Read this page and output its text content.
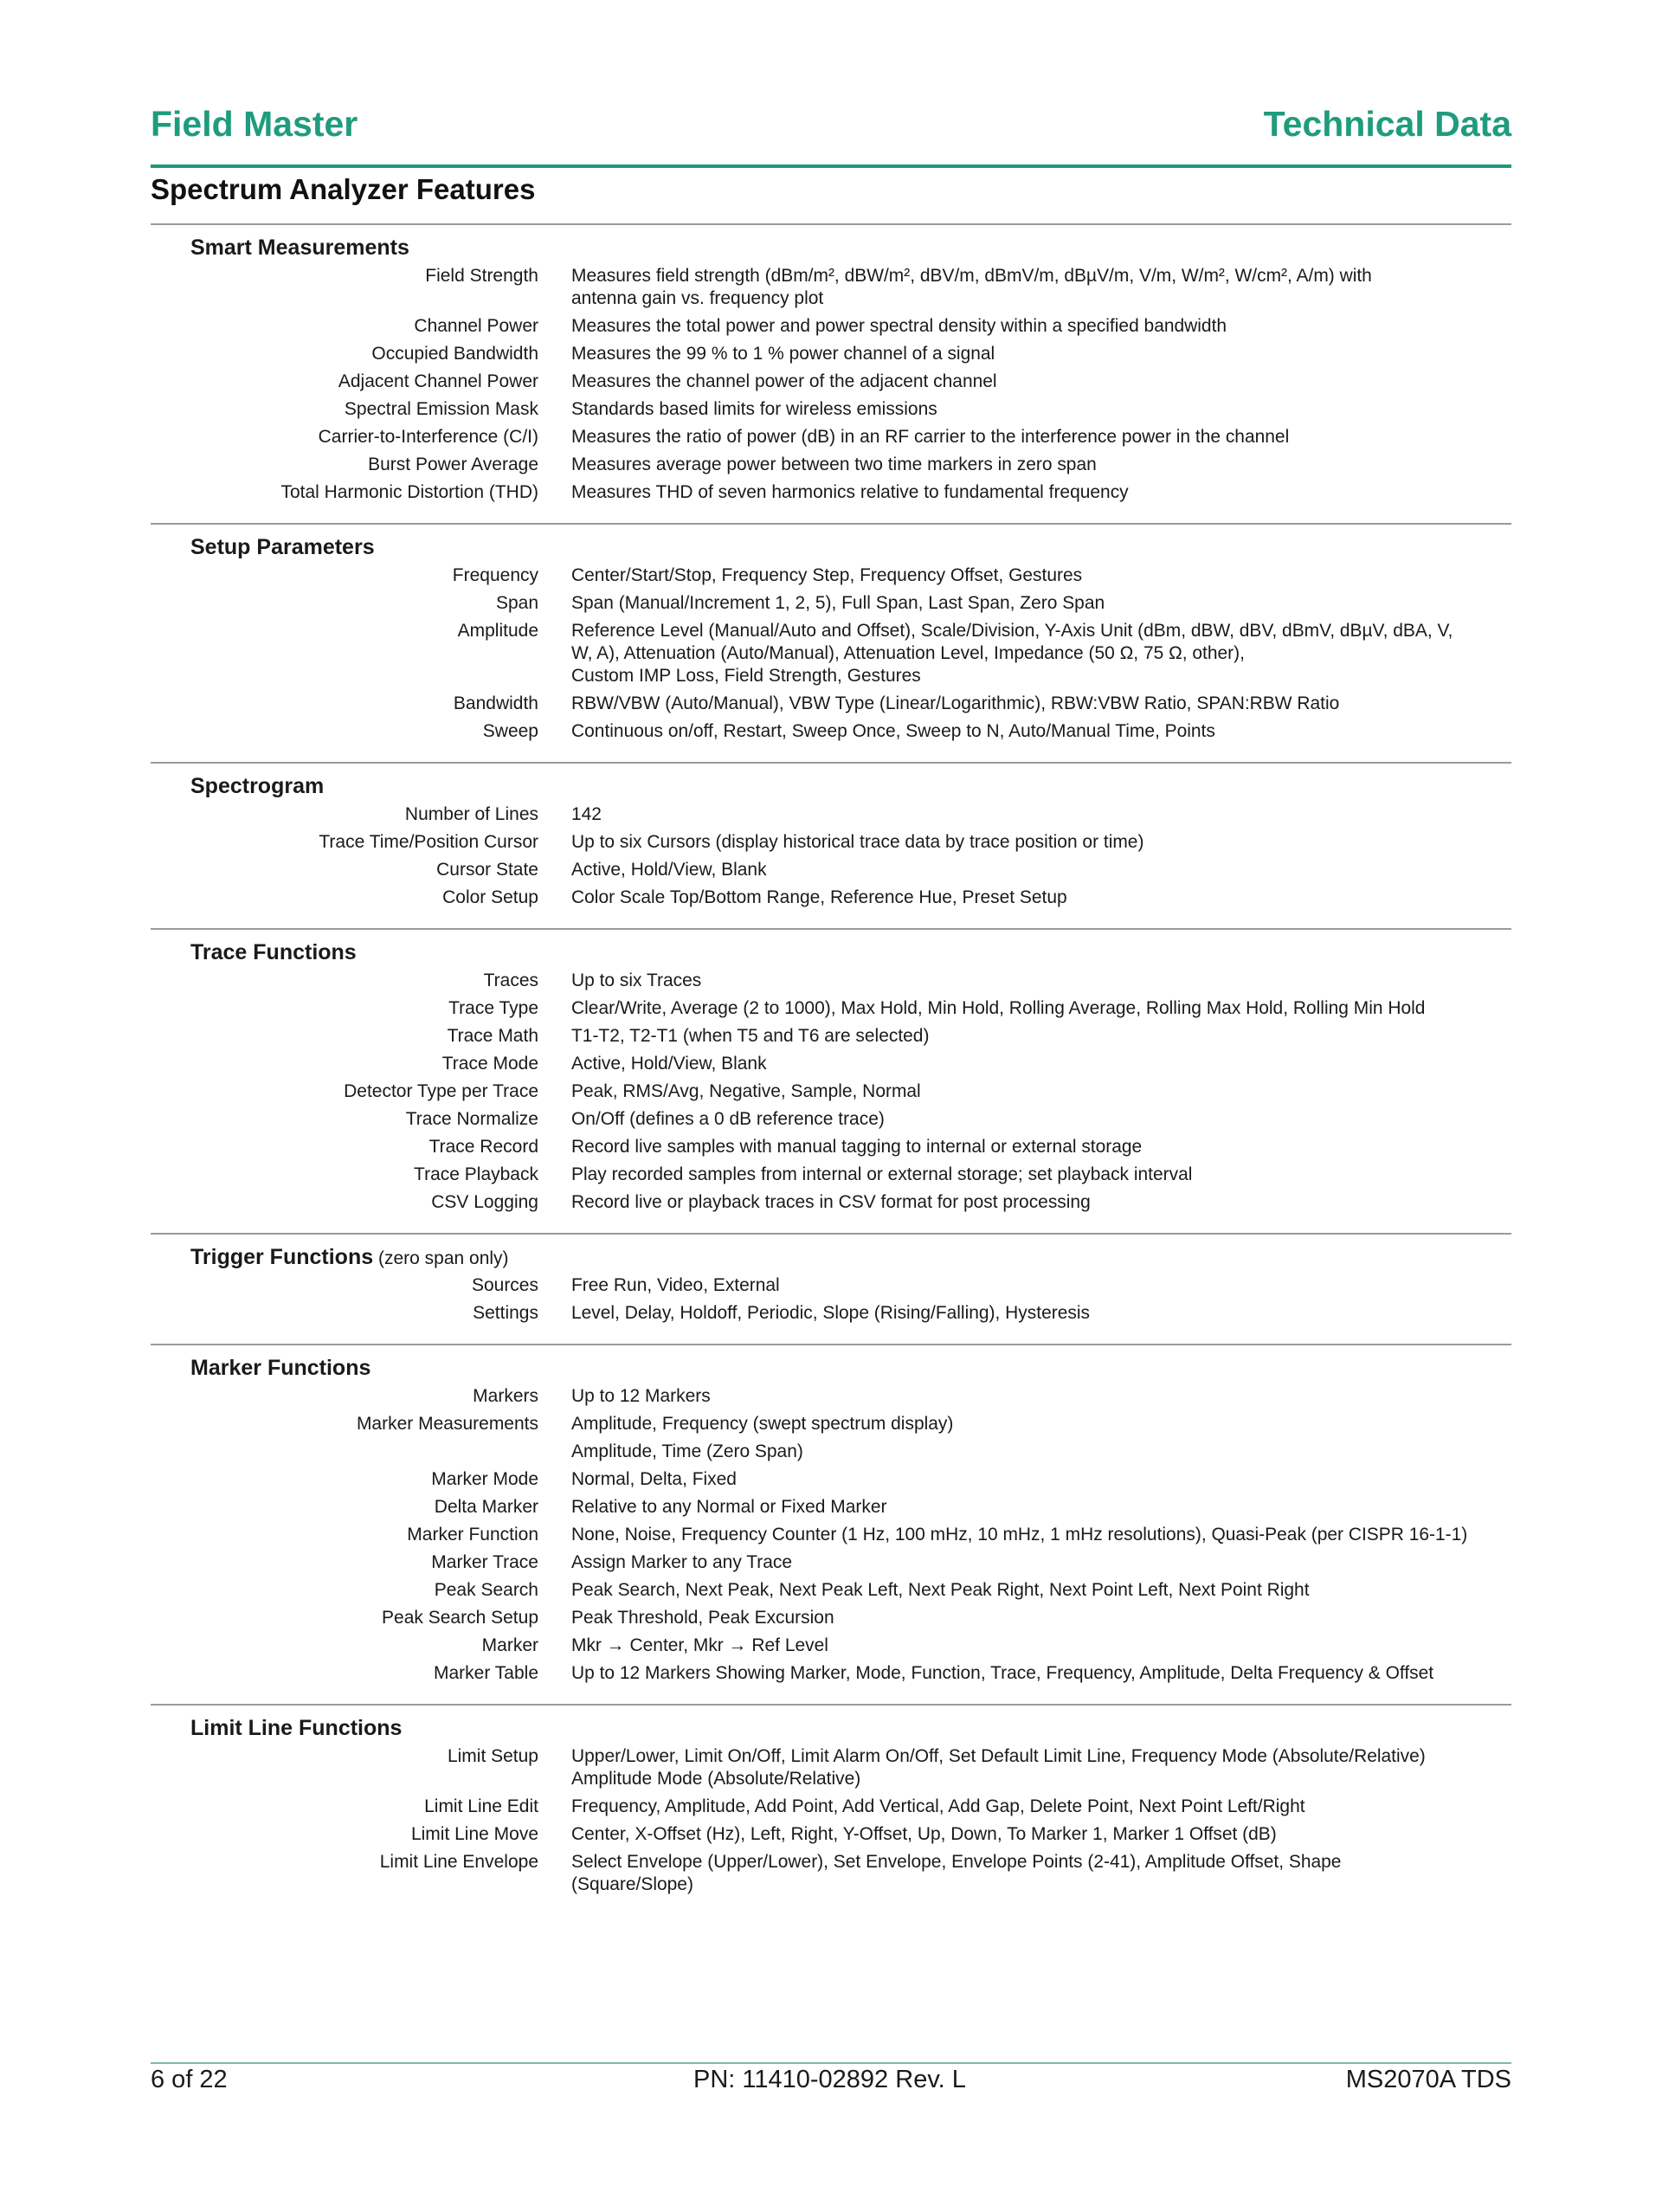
Field Master	Technical Data
Spectrum Analyzer Features
Smart Measurements
Field Strength	Measures field strength (dBm/m², dBW/m², dBV/m, dBmV/m, dBµV/m, V/m, W/m², W/cm², A/m) with
antenna gain vs. frequency plot
Channel Power	Measures the total power and power spectral density within a specified bandwidth
Occupied Bandwidth	Measures the 99 % to 1 % power channel of a signal
Adjacent Channel Power	Measures the channel power of the adjacent channel
Spectral Emission Mask	Standards based limits for wireless emissions
Carrier-to-Interference (C/I)	Measures the ratio of power (dB) in an RF carrier to the interference power in the channel
Burst Power Average	Measures average power between two time markers in zero span
Total Harmonic Distortion (THD)	Measures THD of seven harmonics relative to fundamental frequency
Setup Parameters
Frequency	Center/Start/Stop, Frequency Step, Frequency Offset, Gestures
Span	Span (Manual/Increment 1, 2, 5), Full Span, Last Span, Zero Span
Amplitude	Reference Level (Manual/Auto and Offset), Scale/Division, Y-Axis Unit (dBm, dBW, dBV, dBmV, dBµV, dBA, V,
W, A), Attenuation (Auto/Manual), Attenuation Level, Impedance (50 Ω, 75 Ω, other),
Custom IMP Loss, Field Strength, Gestures
Bandwidth	RBW/VBW (Auto/Manual), VBW Type (Linear/Logarithmic), RBW:VBW Ratio, SPAN:RBW Ratio
Sweep	Continuous on/off, Restart, Sweep Once, Sweep to N, Auto/Manual Time, Points
Spectrogram
Number of Lines	142
Trace Time/Position Cursor	Up to six Cursors (display historical trace data by trace position or time)
Cursor State	Active, Hold/View, Blank
Color Setup	Color Scale Top/Bottom Range, Reference Hue, Preset Setup
Trace Functions
Traces	Up to six Traces
Trace Type	Clear/Write, Average (2 to 1000), Max Hold, Min Hold, Rolling Average, Rolling Max Hold, Rolling Min Hold
Trace Math	T1-T2, T2-T1 (when T5 and T6 are selected)
Trace Mode	Active, Hold/View, Blank
Detector Type per Trace	Peak, RMS/Avg, Negative, Sample, Normal
Trace Normalize	On/Off (defines a 0 dB reference trace)
Trace Record	Record live samples with manual tagging to internal or external storage
Trace Playback	Play recorded samples from internal or external storage; set playback interval
CSV Logging	Record live or playback traces in CSV format for post processing
Trigger Functions (zero span only)
Sources	Free Run, Video, External
Settings	Level, Delay, Holdoff, Periodic, Slope (Rising/Falling), Hysteresis
Marker Functions
Markers	Up to 12 Markers
Marker Measurements	Amplitude, Frequency (swept spectrum display)
Amplitude, Time (Zero Span)
Marker Mode	Normal, Delta, Fixed
Delta Marker	Relative to any Normal or Fixed Marker
Marker Function	None, Noise, Frequency Counter (1 Hz, 100 mHz, 10 mHz, 1 mHz resolutions), Quasi-Peak (per CISPR 16-1-1)
Marker Trace	Assign Marker to any Trace
Peak Search	Peak Search, Next Peak, Next Peak Left, Next Peak Right, Next Point Left, Next Point Right
Peak Search Setup	Peak Threshold, Peak Excursion
Marker	Mkr → Center, Mkr → Ref Level
Marker Table	Up to 12 Markers Showing Marker, Mode, Function, Trace, Frequency, Amplitude, Delta Frequency & Offset
Limit Line Functions
Limit Setup	Upper/Lower, Limit On/Off, Limit Alarm On/Off, Set Default Limit Line, Frequency Mode (Absolute/Relative)
Amplitude Mode (Absolute/Relative)
Limit Line Edit	Frequency, Amplitude, Add Point, Add Vertical, Add Gap, Delete Point, Next Point Left/Right
Limit Line Move	Center, X-Offset (Hz), Left, Right, Y-Offset, Up, Down, To Marker 1, Marker 1 Offset (dB)
Limit Line Envelope	Select Envelope (Upper/Lower), Set Envelope, Envelope Points (2-41), Amplitude Offset, Shape
(Square/Slope)
6 of 22	PN: 11410-02892 Rev. L	MS2070A TDS
